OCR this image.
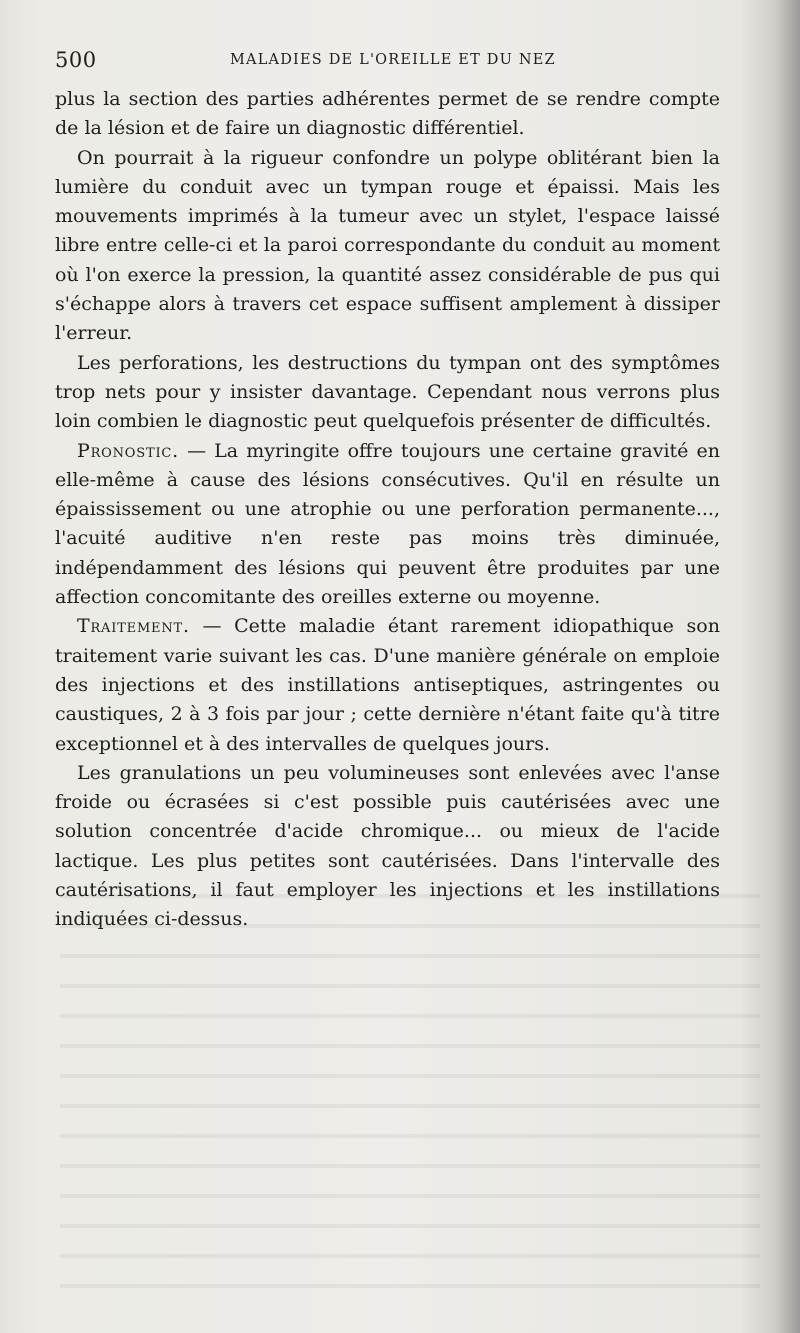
500	MALADIES DE L'OREILLE ET DU NEZ

plus la section des parties adhérentes permet de se rendre compte de la lésion et de faire un diagnostic différentiel.

On pourrait à la rigueur confondre un polype oblitérant bien la lumière du conduit avec un tympan rouge et épaissi. Mais les mouvements imprimés à la tumeur avec un stylet, l'espace laissé libre entre celle-ci et la paroi correspondante du conduit au moment où l'on exerce la pression, la quantité assez considérable de pus qui s'échappe alors à travers cet espace suffisent amplement à dissiper l'erreur.

Les perforations, les destructions du tympan ont des symptômes trop nets pour y insister davantage. Cependant nous verrons plus loin combien le diagnostic peut quelquefois présenter de difficultés.

Pronostic. — La myringite offre toujours une certaine gravité en elle-même à cause des lésions consécutives. Qu'il en résulte un épaississement ou une atrophie ou une perforation permanente..., l'acuité auditive n'en reste pas moins très diminuée, indépendamment des lésions qui peuvent être produites par une affection concomitante des oreilles externe ou moyenne.

Traitement. — Cette maladie étant rarement idiopathique son traitement varie suivant les cas. D'une manière générale on emploie des injections et des instillations antiseptiques, astringentes ou caustiques, 2 à 3 fois par jour ; cette dernière n'étant faite qu'à titre exceptionnel et à des intervalles de quelques jours.

Les granulations un peu volumineuses sont enlevées avec l'anse froide ou écrasées si c'est possible puis cautérisées avec une solution concentrée d'acide chromique... ou mieux de l'acide lactique. Les plus petites sont cautérisées. Dans l'intervalle des cautérisations, il faut employer les injections et les instillations indiquées ci-dessus.
